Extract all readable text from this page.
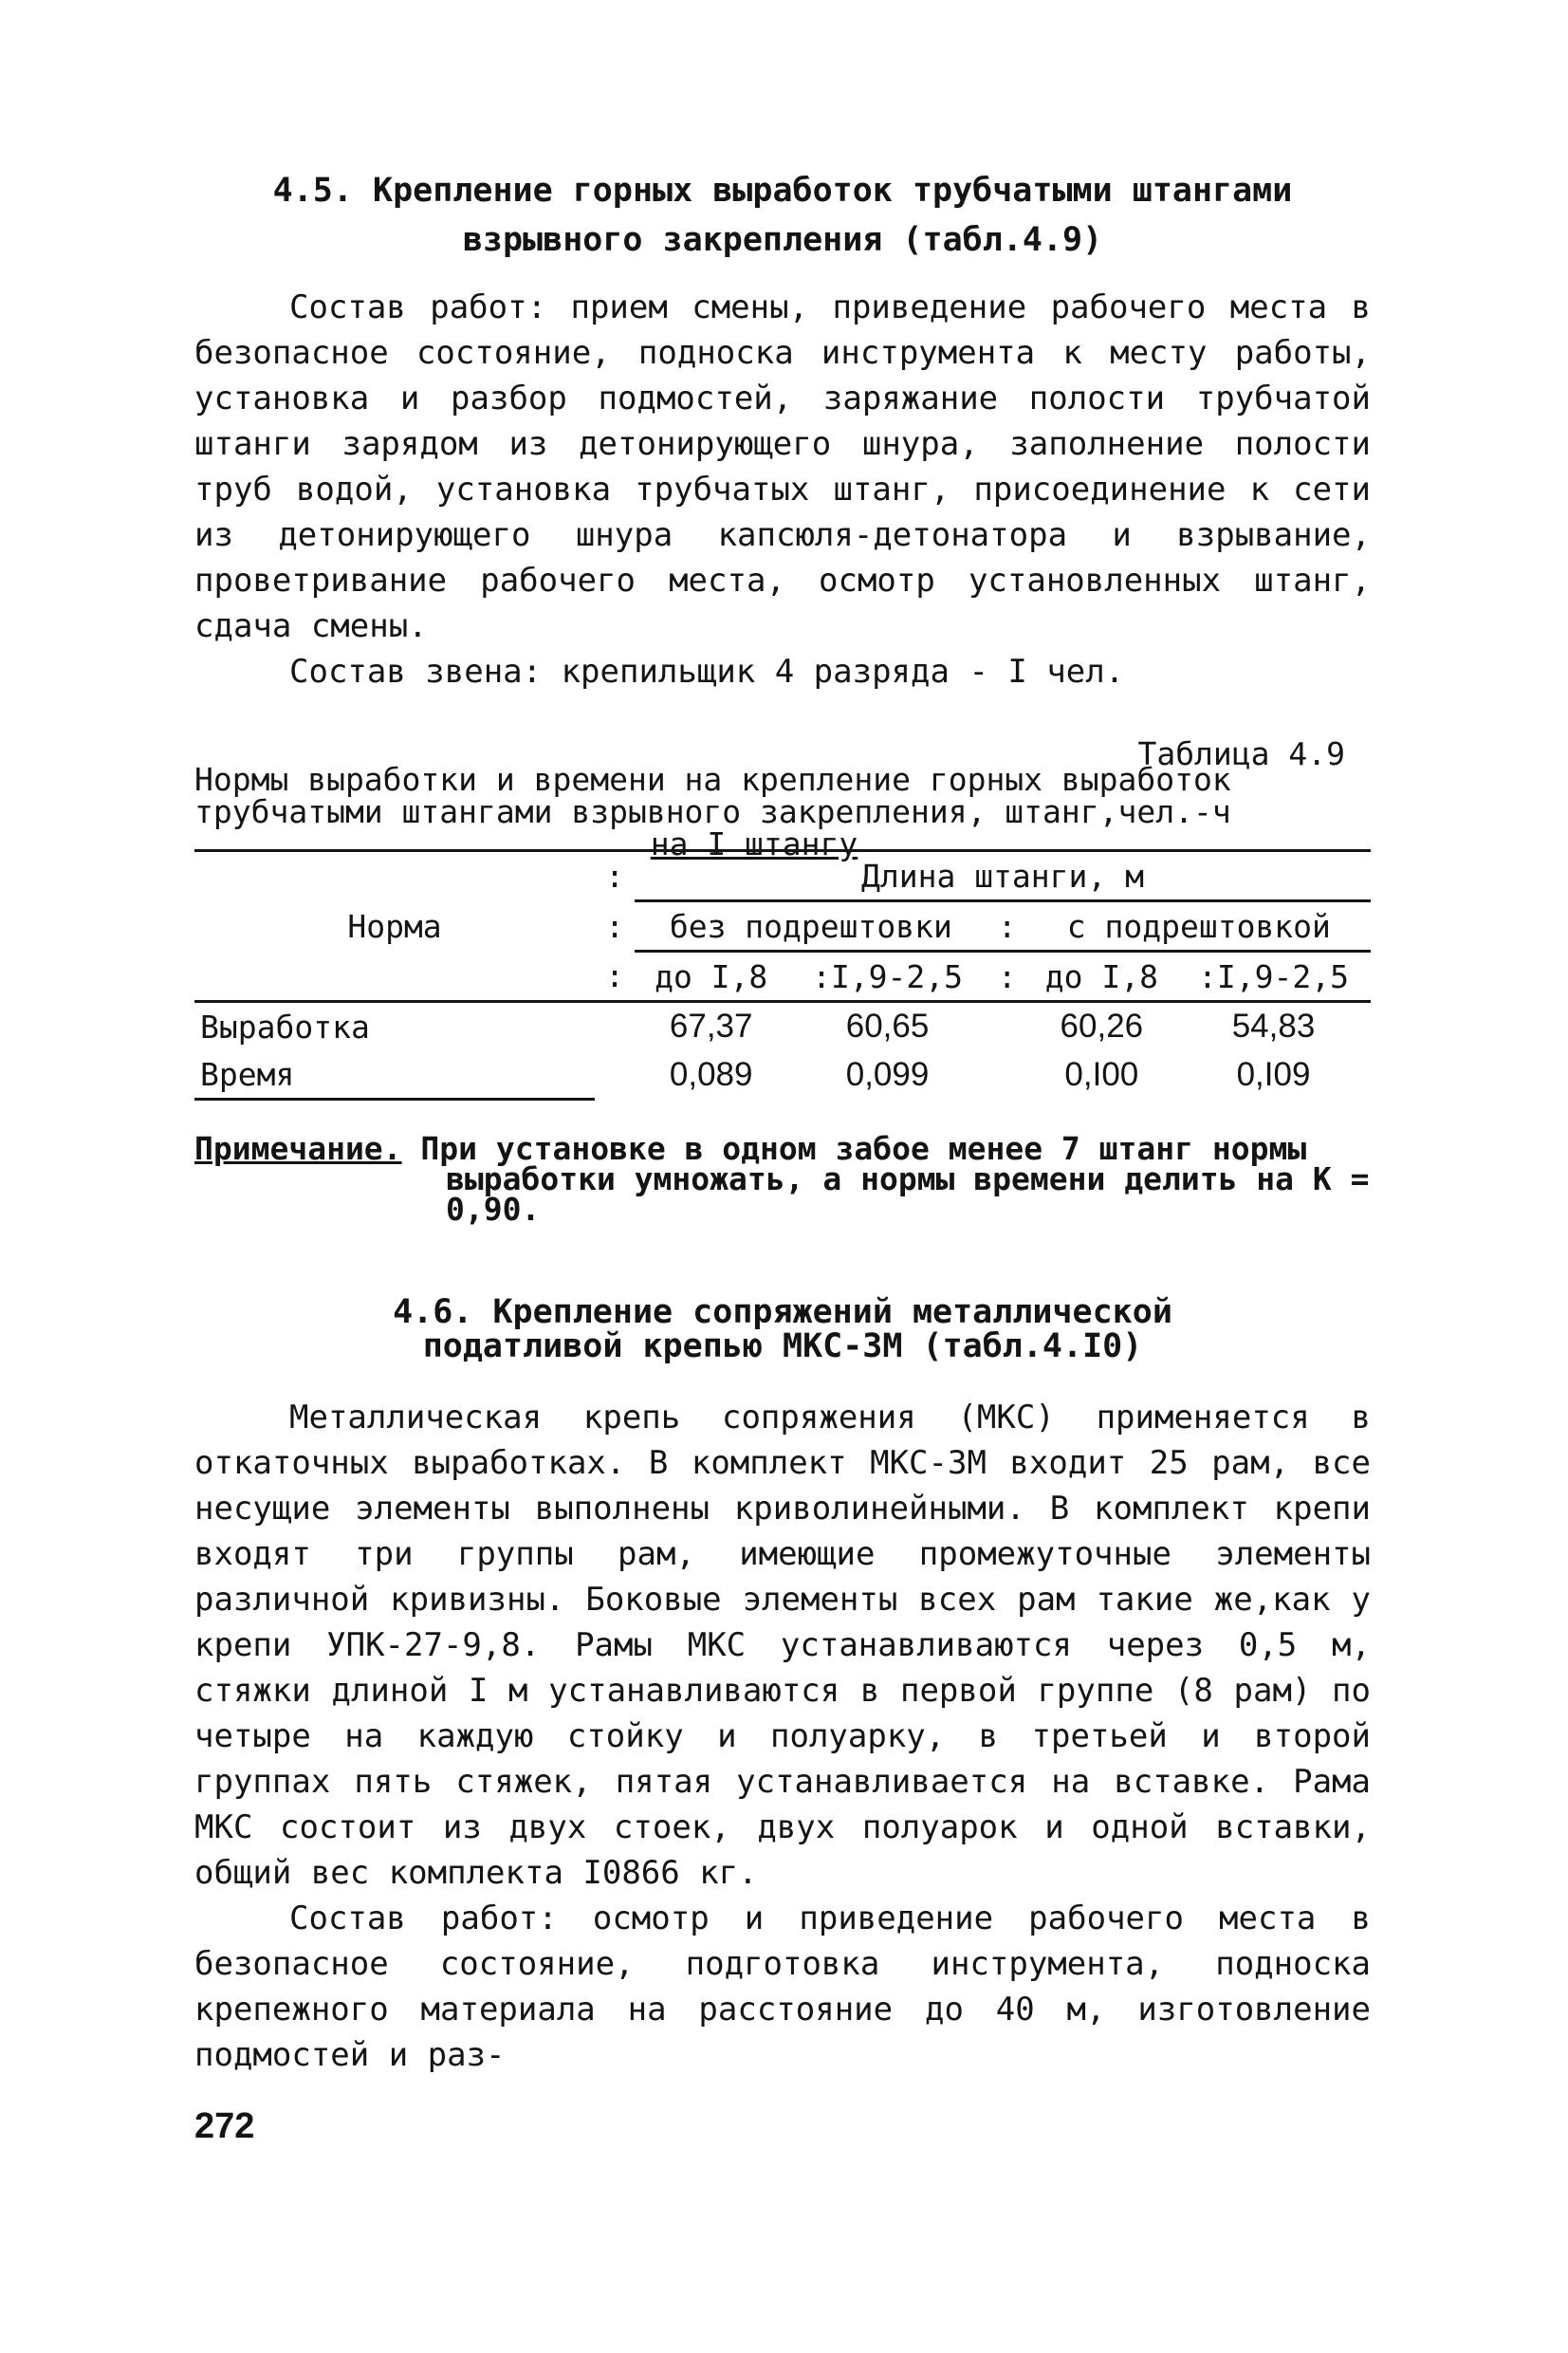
4.5. Крепление горных выработок трубчатыми штангами
взрывного закрепления (табл.4.9)

Состав работ: прием смены, приведение рабочего места в безопасное состояние, подноска инструмента к месту работы, установка и разбор подмостей, заряжание полости трубчатой штанги зарядом из детонирующего шнура, заполнение полости труб водой, установка трубчатых штанг, присоединение к сети из детонирующего шнура капсюля-детонатора и взрывание, проветривание рабочего места, осмотр установленных штанг, сдача смены.

Состав звена: крепильщик 4 разряда - I чел.

Таблица 4.9
Нормы выработки и времени на крепление горных выработок трубчатыми штангами взрывного закрепления, штанг,чел.-ч
на I штангу
Норма	:	Длина штанги, м				
	:	без подрештовки		:	с подрештовкой	
	:	до I,8	:I,9-2,5	:	до I,8	:I,9-2,5
Выработка		67,37	60,65		60,26	54,83
Время		0,089	0,099		0,I00	0,I09
Примечание. При установке в одном забое менее 7 штанг нормы
выработки умножать, а нормы времени делить на К = 0,90.
4.6. Крепление сопряжений металлической
податливой крепью МКС-3М (табл.4.I0)

Металлическая крепь сопряжения (МКС) применяется в откаточных выработках. В комплект МКС-3М входит 25 рам, все несущие элементы выполнены криволинейными. В комплект крепи входят три группы рам, имеющие промежуточные элементы различной кривизны. Боковые элементы всех рам такие же,как у крепи УПК-27-9,8. Рамы МКС устанавливаются через 0,5 м, стяжки длиной I м устанавливаются в первой группе (8 рам) по четыре на каждую стойку и полуарку, в третьей и второй группах пять стяжек, пятая устанавливается на вставке. Рама МКС состоит из двух стоек, двух полуарок и одной вставки, общий вес комплекта I0866 кг.

Состав работ: осмотр и приведение рабочего места в безопасное состояние, подготовка инструмента, подноска крепежного материала на расстояние до 40 м, изготовление подмостей и раз-

272
